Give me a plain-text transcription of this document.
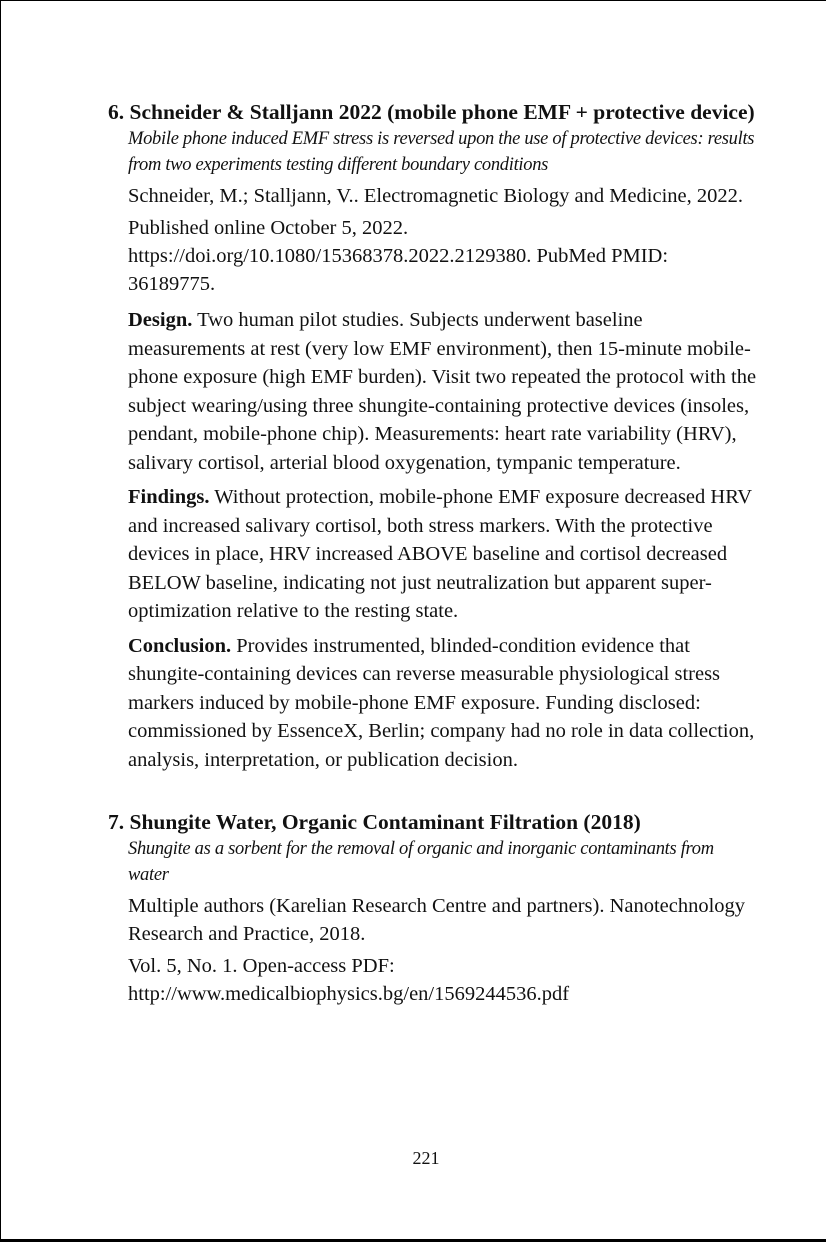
6. Schneider & Stalljann 2022 (mobile phone EMF + protective device)

Mobile phone induced EMF stress is reversed upon the use of protective devices: results from two experiments testing different boundary conditions

Schneider, M.; Stalljann, V.. Electromagnetic Biology and Medicine, 2022.

Published online October 5, 2022. https://doi.org/10.1080/15368378.2022.2129380. PubMed PMID: 36189775.

Design. Two human pilot studies. Subjects underwent baseline measurements at rest (very low EMF environment), then 15-minute mobile-phone exposure (high EMF burden). Visit two repeated the protocol with the subject wearing/using three shungite-containing protective devices (insoles, pendant, mobile-phone chip). Measurements: heart rate variability (HRV), salivary cortisol, arterial blood oxygenation, tympanic temperature.

Findings. Without protection, mobile-phone EMF exposure decreased HRV and increased salivary cortisol, both stress markers. With the protective devices in place, HRV increased ABOVE baseline and cortisol decreased BELOW baseline, indicating not just neutralization but apparent super-optimization relative to the resting state.

Conclusion. Provides instrumented, blinded-condition evidence that shungite-containing devices can reverse measurable physiological stress markers induced by mobile-phone EMF exposure. Funding disclosed: commissioned by EssenceX, Berlin; company had no role in data collection, analysis, interpretation, or publication decision.

7. Shungite Water, Organic Contaminant Filtration (2018)

Shungite as a sorbent for the removal of organic and inorganic contaminants from water

Multiple authors (Karelian Research Centre and partners). Nanotechnology Research and Practice, 2018.

Vol. 5, No. 1. Open-access PDF: http://www.medicalbiophysics.bg/en/1569244536.pdf

221
